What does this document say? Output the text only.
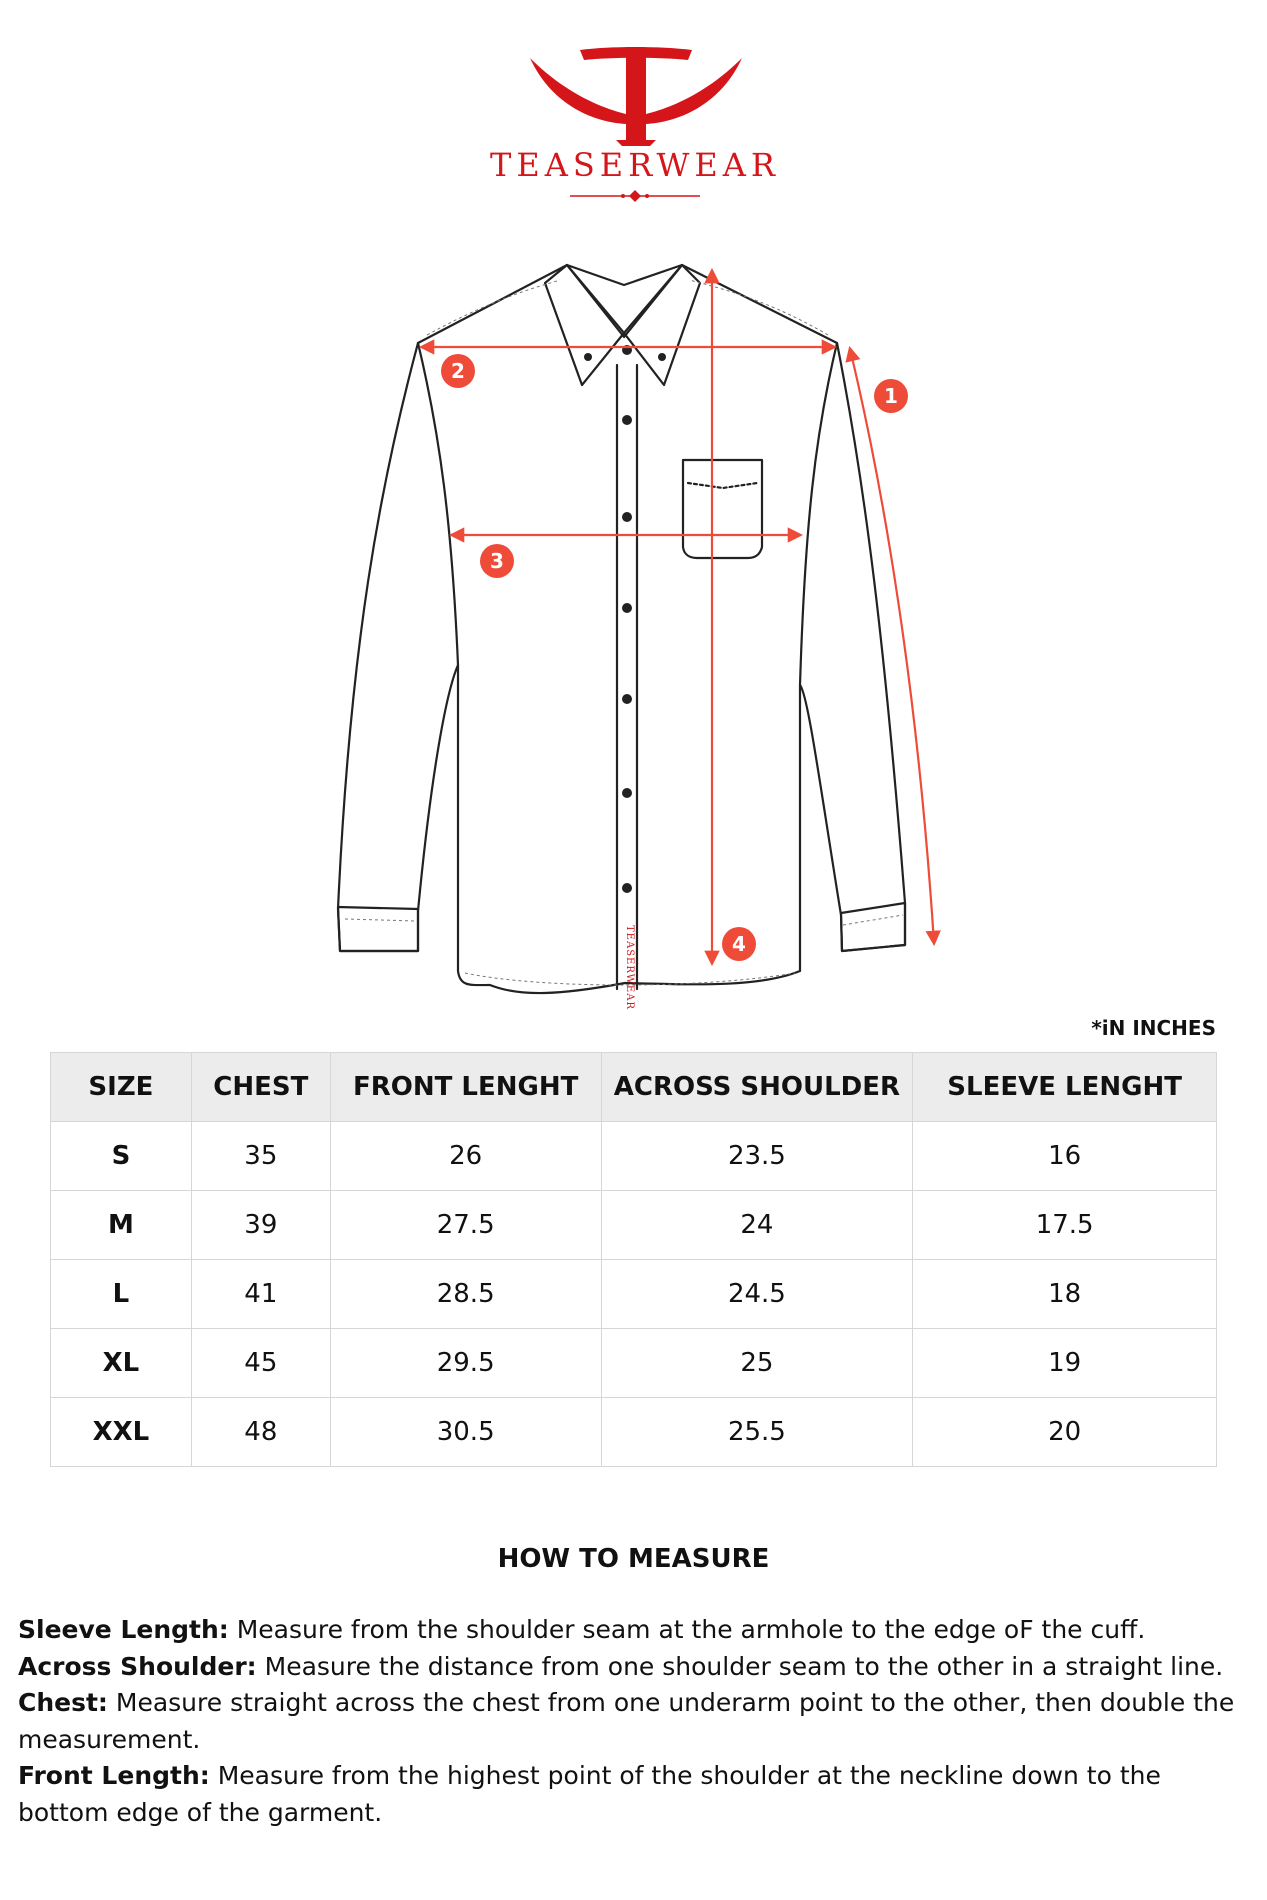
TEASERWEAR
TEASERWEAR
1
2
3
4
*iN INCHES
SIZE	CHEST	FRONT LENGHT	ACROSS SHOULDER	SLEEVE LENGHT
S	35	26	23.5	16
M	39	27.5	24	17.5
L	41	28.5	24.5	18
XL	45	29.5	25	19
XXL	48	30.5	25.5	20
HOW TO MEASURE

Sleeve Length: Measure from the shoulder seam at the armhole to the edge oF the cuff.

Across Shoulder: Measure the distance from one shoulder seam to the other in a straight line.

Chest: Measure straight across the chest from one underarm point to the other, then double the measurement.

Front Length: Measure from the highest point of the shoulder at the neckline down to the bottom edge of the garment.
